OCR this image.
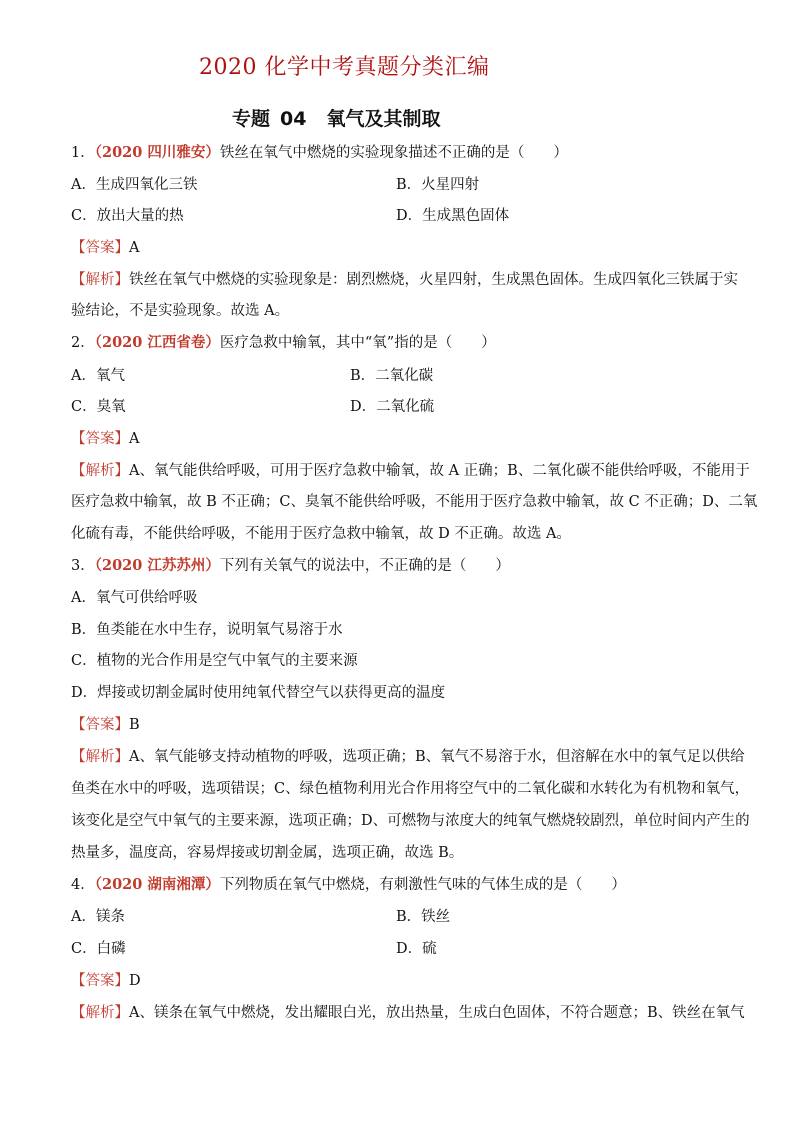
2020 化学中考真题分类汇编
专题 04 氧气及其制取
1．（2020 四川雅安）铁丝在氧气中燃烧的实验现象描述不正确的是（　　）
A．生成四氧化三铁	B．火星四射
C．放出大量的热	D．生成黑色固体
【答案】A
【解析】铁丝在氧气中燃烧的实验现象是：剧烈燃烧，火星四射，生成黑色固体。生成四氧化三铁属于实
验结论，不是实验现象。故选 A。
2．（2020 江西省卷）医疗急救中输氧，其中“氧”指的是（　　）
A．氧气	B．二氧化碳
C．臭氧	D．二氧化硫
【答案】A
【解析】A、氧气能供给呼吸，可用于医疗急救中输氧，故 A 正确；B、二氧化碳不能供给呼吸，不能用于
医疗急救中输氧，故 B 不正确；C、臭氧不能供给呼吸，不能用于医疗急救中输氧，故 C 不正确；D、二氧
化硫有毒，不能供给呼吸，不能用于医疗急救中输氧，故 D 不正确。故选 A。
3．（2020 江苏苏州）下列有关氧气的说法中，不正确的是（　　）
A．氧气可供给呼吸
B．鱼类能在水中生存，说明氧气易溶于水
C．植物的光合作用是空气中氧气的主要来源
D．焊接或切割金属时使用纯氧代替空气以获得更高的温度
【答案】B
【解析】A、氧气能够支持动植物的呼吸，选项正确；B、氧气不易溶于水，但溶解在水中的氧气足以供给
鱼类在水中的呼吸，选项错误；C、绿色植物利用光合作用将空气中的二氧化碳和水转化为有机物和氧气，
该变化是空气中氧气的主要来源，选项正确；D、可燃物与浓度大的纯氧气燃烧较剧烈，单位时间内产生的
热量多，温度高，容易焊接或切割金属，选项正确，故选 B。
4．（2020 湖南湘潭）下列物质在氧气中燃烧，有刺激性气味的气体生成的是（　　）
A．镁条	B．铁丝
C．白磷	D．硫
【答案】D
【解析】A、镁条在氧气中燃烧，发出耀眼白光，放出热量，生成白色固体，不符合题意；B、铁丝在氧气
